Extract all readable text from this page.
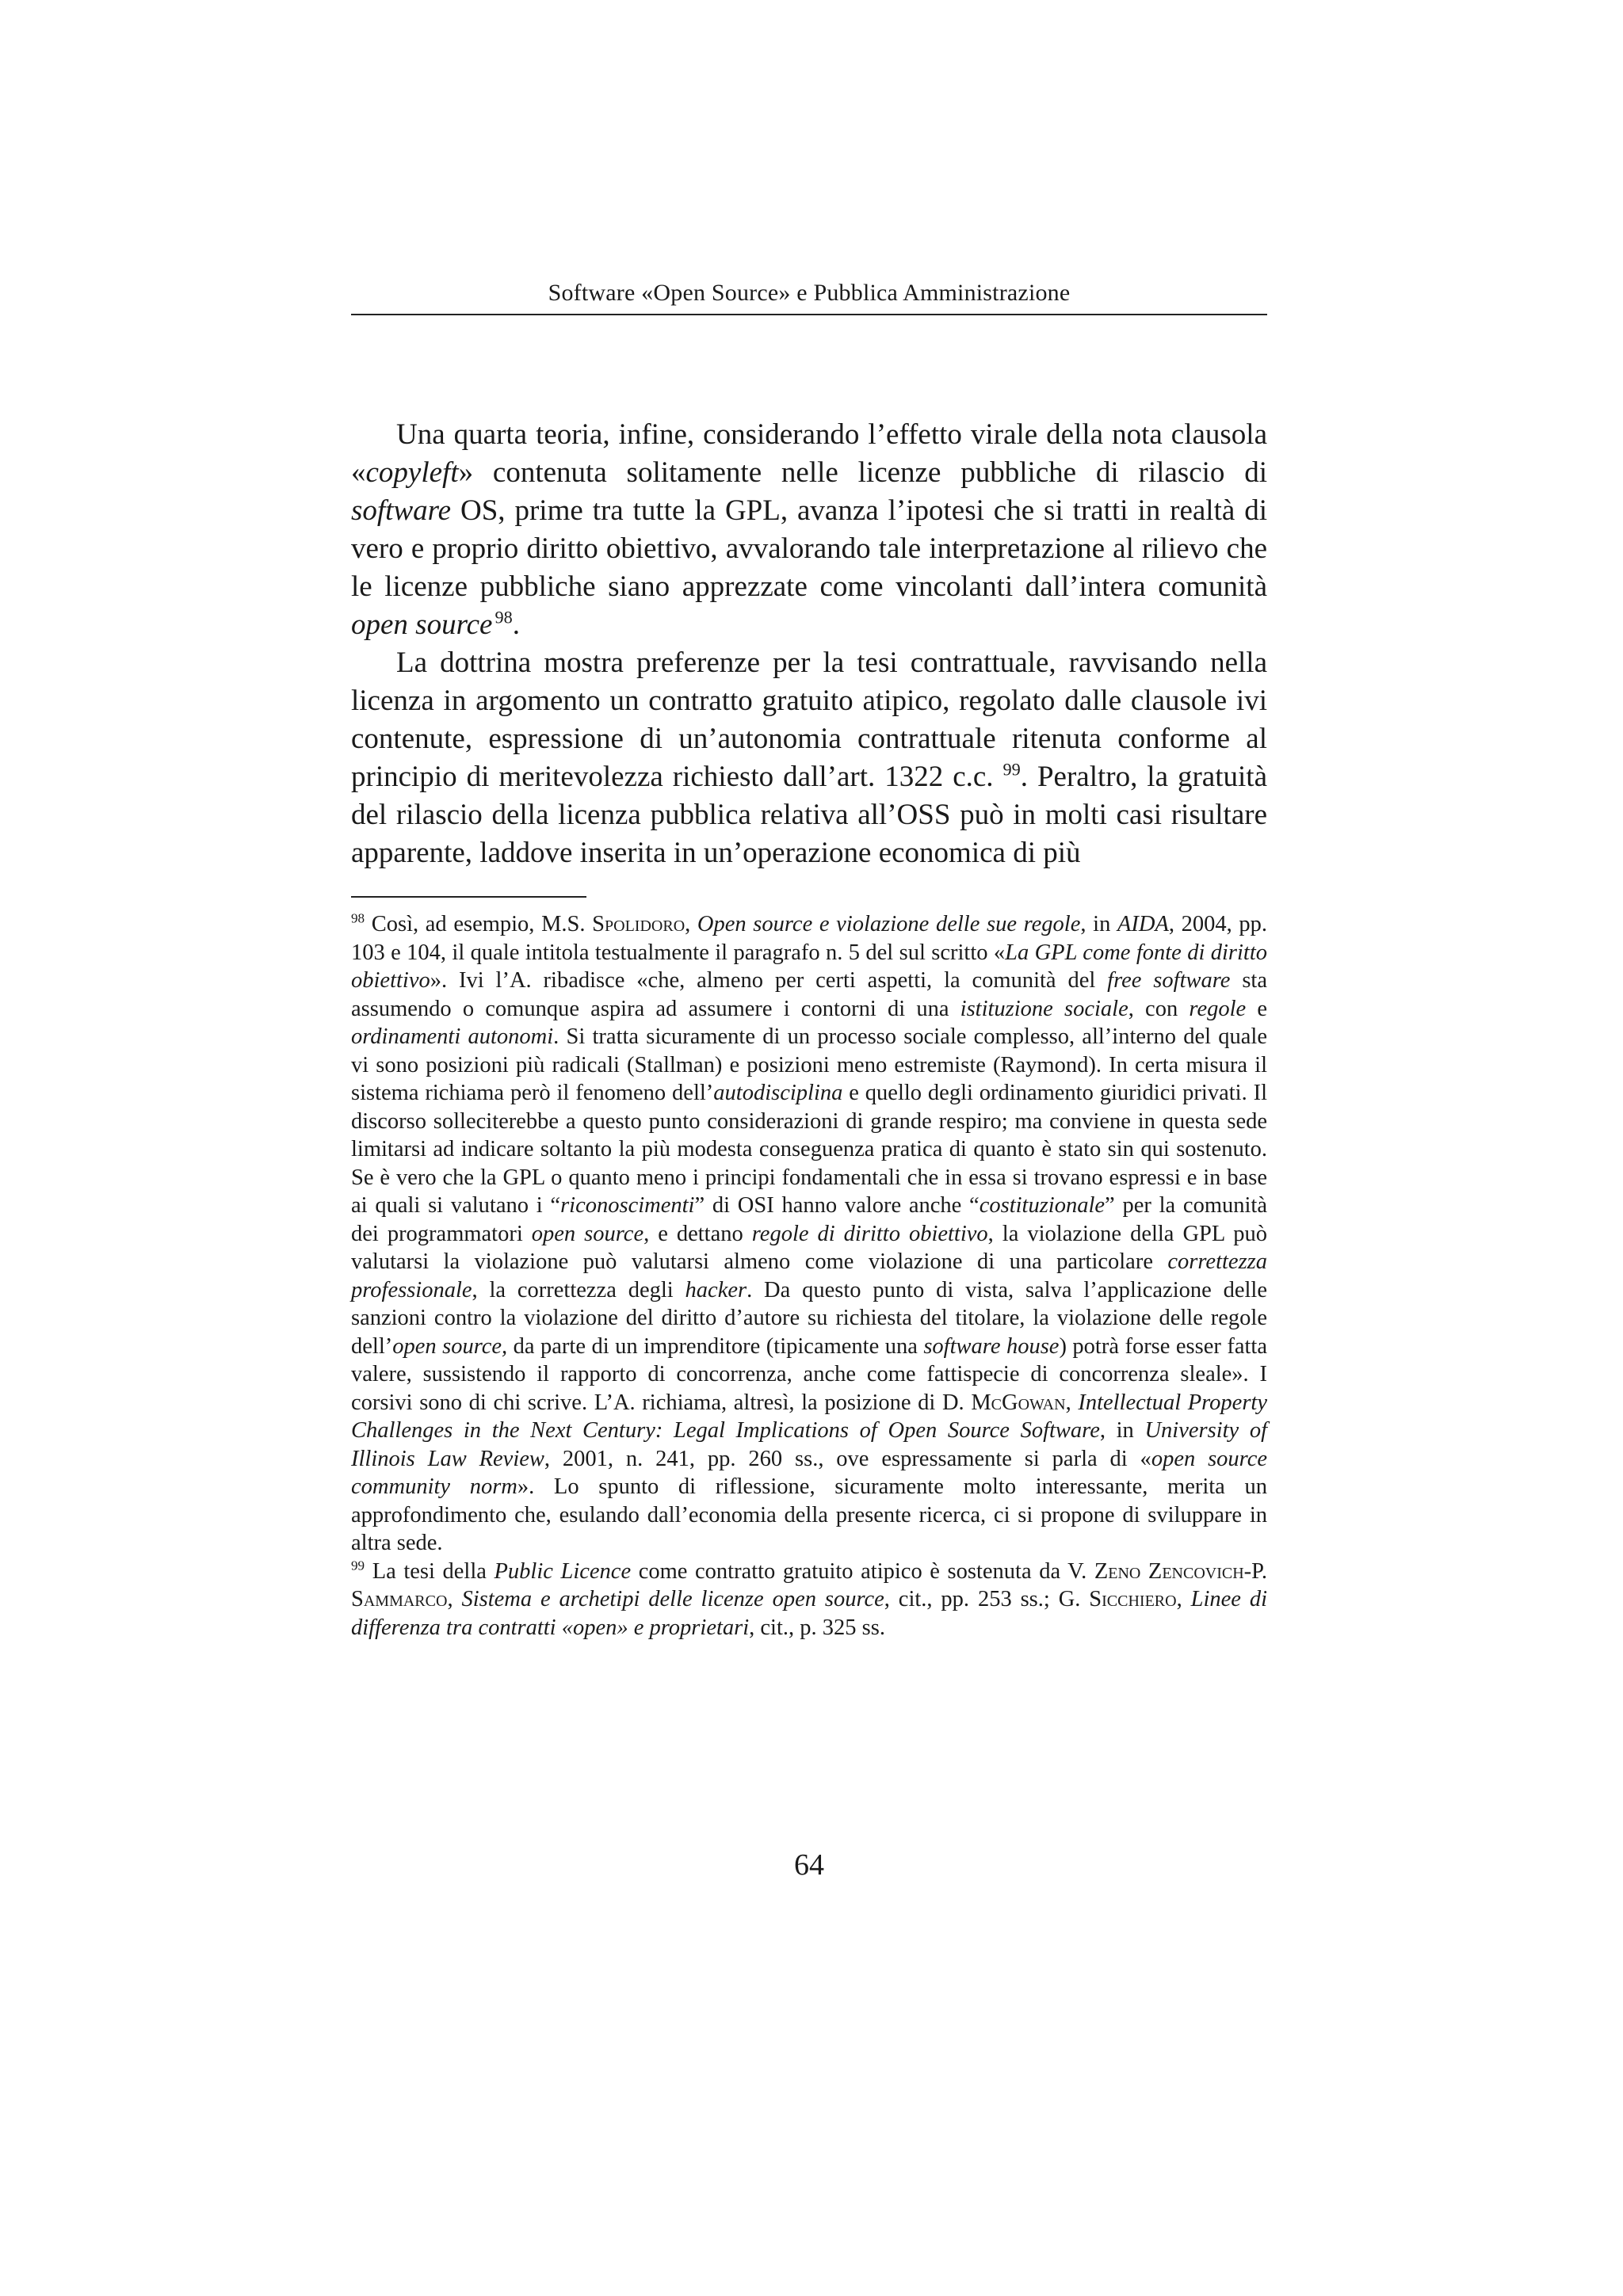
Software «Open Source» e Pubblica Amministrazione

Una quarta teoria, infine, considerando l’effetto virale della nota clausola «copyleft» contenuta solitamente nelle licenze pubbliche di rilascio di software OS, prime tra tutte la GPL, avanza l’ipotesi che si tratti in realtà di vero e proprio diritto obiettivo, avvalorando tale interpretazione al rilievo che le licenze pubbliche siano apprezzate come vincolanti dall’intera comunità open source  $^{98}$.

La dottrina mostra preferenze per la tesi contrattuale, ravvisando nella licenza in argomento un contratto gratuito atipico, regolato dalle clausole ivi contenute, espressione di un’autonomia contrattuale ritenuta conforme al principio di meritevolezza richiesto dall’art. 1322 c.c. $^{99}$. Peraltro, la gratuità del rilascio della licenza pubblica relativa all’OSS può in molti casi risultare apparente, laddove inserita in un’operazione economica di più

$^{98}$ Così, ad esempio, M.S. Spolidoro, Open source e violazione delle sue regole, in AIDA, 2004, pp. 103 e 104, il quale intitola testualmente il paragrafo n. 5 del sul scritto «La GPL come fonte di diritto obiettivo». Ivi l’A. ribadisce «che, almeno per certi aspetti, la comunità del free software sta assumendo o comunque aspira ad assumere i contorni di una istituzione sociale, con regole e ordinamenti autonomi. Si tratta sicuramente di un processo sociale complesso, all’interno del quale vi sono posizioni più radicali (Stallman) e posizioni meno estremiste (Raymond). In certa misura il sistema richiama però il fenomeno dell’autodisciplina e quello degli ordinamento giuridici privati. Il discorso solleciterebbe a questo punto considerazioni di grande respiro; ma conviene in questa sede limitarsi ad indicare soltanto la più modesta conseguenza pratica di quanto è stato sin qui sostenuto. Se è vero che la GPL o quanto meno i principi fondamentali che in essa si trovano espressi e in base ai quali si valutano i “riconoscimenti” di OSI hanno valore anche “costituzionale” per la comunità dei programmatori open source, e dettano regole di diritto obiettivo, la violazione della GPL può valutarsi la violazione può valutarsi almeno come violazione di una particolare correttezza professionale, la correttezza degli hacker. Da questo punto di vista, salva l’applicazione delle sanzioni contro la violazione del diritto d’autore su richiesta del titolare, la violazione delle regole dell’open source, da parte di un imprenditore (tipicamente una software house) potrà forse esser fatta valere, sussistendo il rapporto di concorrenza, anche come fattispecie di concorrenza sleale». I corsivi sono di chi scrive. L’A. richiama, altresì, la posizione di D. McGowan, Intellectual Property Challenges in the Next Century: Legal Implications of Open Source Software, in University of Illinois Law Review, 2001, n. 241, pp. 260 ss., ove espressamente si parla di «open source community norm». Lo spunto di riflessione, sicuramente molto interessante, merita un approfondimento che, esulando dall’economia della presente ricerca, ci si propone di sviluppare in altra sede.

$^{99}$ La tesi della Public Licence come contratto gratuito atipico è sostenuta da V. Zeno Zencovich-P. Sammarco, Sistema e archetipi delle licenze open source, cit., pp. 253 ss.; G. Sicchiero, Linee di differenza tra contratti «open» e proprietari, cit., p. 325 ss.

64
